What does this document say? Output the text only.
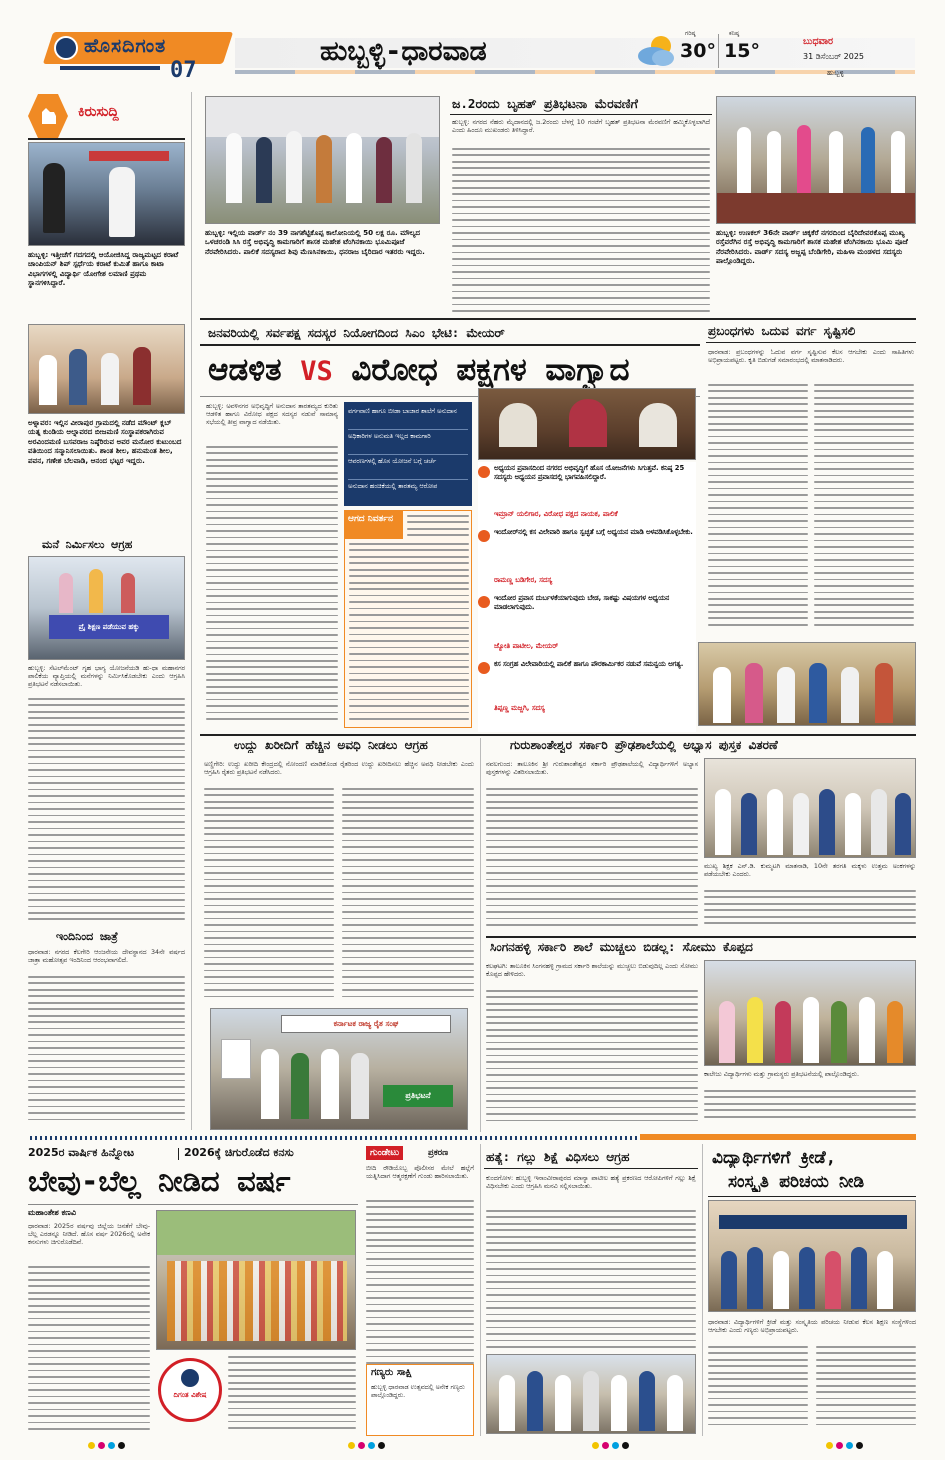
ಹೊಸದಿಗಂತ
07
ಹುಬ್ಬಳ್ಳಿ-ಧಾರವಾಡ
ಗರಿಷ್ಠ
30°
ಕನಿಷ್ಠ
15°	ಬುಧವಾರ
31 ಡಿಸೆಂಬರ್ 2025
ಹುಬ್ಬಳ್ಳಿ
ಕಿರುಸುದ್ದಿ
ಹುಬ್ಬಳ್ಳಿ: ಇತ್ತೀಚೆಗೆ ಗದಗದಲ್ಲಿ ಆಯೋಜಿಸಿದ್ದ ರಾಜ್ಯಮಟ್ಟದ ಕರಾಟೆ ಚಾಂಪಿಯನ್ ಶಿಪ್ ಸ್ಪರ್ಧೆಯ ಕರಾಟೆ ಕುಮಿತೆ ಹಾಗೂ ಕಾಟಾ ವಿಭಾಗಗಳಲ್ಲಿ ವಿದ್ಯಾರ್ಥಿ ಯೋಗೇಶ ಲಮಾಣಿ ಪ್ರಥಮ ಸ್ಥಾನಗಳಿಸಿದ್ದಾರೆ.
ಅಳ್ನಾವರ: ಇಲ್ಲಿನ ವೀರಾಪುರ ಗ್ರಾಮದಲ್ಲಿ ನಡೆದ ಮೌಂಟ್ ಕ್ಲಬ್ ಯತ್ನ ಕುಂಡಿಯ ಆಲ್ನಾವರದ ಬೀಜಮಣಿ ಸಂಸ್ಥಾಪಕರಾಗಿರುವ ಅರವಿಂದಮಣಿ ಬಸವರಾಜ ನಿಷ್ಠೆರಿರುವ ಅವರ ಮನೋರ ಕುಟುಂಬದ ವತಿಯಿಂದ ಸನ್ಮಾನಿಸಲಾಯಿತು. ಶಾಂತ ಶೀಲ, ಹನುಮಂತ ಶೀಲ, ಪವನ, ಗಣೇಶ ಬೆಲವಾಡಿ, ಆನಂದ ಭಟ್ಟರ ಇದ್ದರು.
ಮನೆ ನಿರ್ಮಿಸಲು ಆಗ್ರಹ
ಪ್ರೈ ಶಿಕ್ಷಣ ಪಡೆಯುವ ಹಕ್ಕು
ಹುಬ್ಬಳ್ಳಿ: ಸೆಟಲ್‌ಮೆಂಟ್ ಗೃಹ ಭಾಗ್ಯ ಯೋಜನೆಯಡಿ ಹು-ಧಾ ಮಹಾನಗರ ಪಾಲಿಕೆಯ ವ್ಯಾಪ್ತಿಯಲ್ಲಿ ಮನೆಗಳನ್ನು ನಿರ್ಮಿಸಿಕೊಡಬೇಕು ಎಂದು ಆಗ್ರಹಿಸಿ ಪ್ರತಿಭಟನೆ ನಡೆಸಲಾಯಿತು.
ಇಂದಿನಿಂದ ಜಾತ್ರೆ
ಧಾರವಾಡ: ನಗರದ ಕೆಲಗೇರಿ ಆಂಜನೇಯ ದೇವಸ್ಥಾನದ 34ನೇ ವರ್ಷದ ಜಾತ್ರಾ ಮಹೋತ್ಸವ ಇಂದಿನಿಂದ ಆರಂಭವಾಗಲಿದೆ.
ಹುಬ್ಬಳ್ಳಿ: ಇಲ್ಲಿಯ ವಾರ್ಡ್ ನಂ 39 ನಾಗಶೆಟ್ಟಿಕೊಪ್ಪ ಕಾಲೋನಿಯಲ್ಲಿ 50 ಲಕ್ಷ ರೂ. ಮೌಲ್ಯದ ಒಳಚರಂಡಿ ಸಿಸಿ ರಸ್ತೆ ಅಭಿವೃದ್ಧಿ ಕಾಮಗಾರಿಗೆ ಶಾಸಕ ಮಹೇಶ ಟೆಂಗಿನಕಾಯಿ ಭೂಮಿಪೂಜೆ ನೆರವೇರಿಸಿದರು. ಪಾಲಿಕೆ ಸದಸ್ಯರಾದ ಶಿವು ಮೆಣಸಿನಕಾಯಿ, ಧನರಾಜ ಬೈರಿದಾರ ಇತರರು ಇದ್ದರು.
ಜ.2ರಂದು ಬೃಹತ್ ಪ್ರತಿಭಟನಾ ಮೆರವಣಿಗೆ
ಹುಬ್ಬಳ್ಳಿ: ನಗರದ ನೆಹರು ಮೈದಾನದಲ್ಲಿ ಜ.2ರಂದು ಬೆಳಗ್ಗೆ 10 ಗಂಟೆಗೆ ಬೃಹತ್ ಪ್ರತಿಭಟನಾ ಮೆರವಣಿಗೆ ಹಮ್ಮಿಕೊಳ್ಳಲಾಗಿದೆ ಎಂದು ಹಿಂದೂ ಮುಖಂಡರು ತಿಳಿಸಿದ್ದಾರೆ.
ಹುಬ್ಬಳ್ಳಿ: ಉಣಕಲ್ 36ನೇ ವಾರ್ಡ್ ಚಿಕ್ಕಕೆರೆ ನಗರದಿಂದ ಬೈರಿದೇವರಕೊಪ್ಪ ಮುಖ್ಯ ರಸ್ತೆವರೆಗಿನ ರಸ್ತೆ ಅಭಿವೃದ್ಧಿ ಕಾಮಗಾರಿಗೆ ಶಾಸಕ ಮಹೇಶ ಟೆಂಗಿನಕಾಯಿ ಭೂಮಿ ಪೂಜೆ ನೆರವೇರಿಸಿದರು. ವಾರ್ಡ್ ಸದಸ್ಯ ಅಜ್ಜಪ್ಪ ಬೆಂಡಿಗೇರಿ, ಮಹಿಳಾ ಮಂಡಳದ ಸದಸ್ಯರು ಪಾಲ್ಗೊಂಡಿದ್ದರು.
ಜನವರಿಯಲ್ಲಿ ಸರ್ವಪಕ್ಷ ಸದಸ್ಯರ ನಿಯೋಗದಿಂದ ಸಿಎಂ ಭೇಟಿ: ಮೇಯರ್
ಆಡಳಿತ VS ವಿರೋಧ ಪಕ್ಷಗಳ ವಾಗ್ವಾದ
ಹುಬ್ಬಳ್ಳಿ: ಅವಳಿನಗರ ಅಭಿವೃದ್ಧಿಗೆ ಅನುದಾನ ತಾರತಮ್ಯದ ಕುರಿತು ಆಡಳಿತ ಹಾಗೂ ವಿರೋಧ ಪಕ್ಷದ ಸದಸ್ಯರ ನಡುವೆ ಸಾಮಾನ್ಯ ಸಭೆಯಲ್ಲಿ ತೀವ್ರ ವಾಗ್ವಾದ ನಡೆಯಿತು.
ವರ್ಗವಾಣಿ ಹಾಗೂ ಬೀಡಾ ಬಾಜಾರ ಶಾಲೆಗೆ ಅನುದಾನ
ಅಧಿಕಾರಿಗಳ ಅನುಮತಿ ಇಲ್ಲದ ಕಾಮಗಾರಿ
ಆವರಣಗಳಲ್ಲಿ ಹೊಸ ಯೋಜನೆ ಬಗ್ಗೆ ಚರ್ಚೆ
ಅನುದಾನ ಹಂಚಿಕೆಯಲ್ಲಿ ತಾರತಮ್ಯ ಆರೋಪ
ಆಗದ ನಿವರ್ತನ
ಅಧ್ಯಯನ ಪ್ರವಾಸದಿಂದ ನಗರದ ಅಭಿವೃದ್ಧಿಗೆ ಹೊಸ ಯೋಜನೆಗಳು ಸಿಗುತ್ತವೆ. ಕನಿಷ್ಠ 25 ಸದಸ್ಯರು ಅಧ್ಯಯನ ಪ್ರವಾಸದಲ್ಲಿ ಭಾಗವಹಿಸಲಿದ್ದಾರೆ.
ಇಮ್ರಾನ್ ಯಲಿಗಾರ, ವಿರೋಧ ಪಕ್ಷದ ನಾಯಕ, ಪಾಲಿಕೆ
ಇಂದೋರ್‌ನಲ್ಲಿ ಕಸ ವಿಲೇವಾರಿ ಹಾಗೂ ಸ್ವಚ್ಛತೆ ಬಗ್ಗೆ ಅಧ್ಯಯನ ಮಾಡಿ ಅಳವಡಿಸಿಕೊಳ್ಳಬೇಕು.
ರಾಮಣ್ಣ ಬಡಿಗೇರ, ಸದಸ್ಯ
ಇಂದೋರ ಪ್ರವಾಸ ದುರ್ಬಳಕೆಯಾಗುವುದು ಬೇಡ, ಸಾಕಷ್ಟು ವಿಷಯಗಳ ಅಧ್ಯಯನ ಮಾಡಲಾಗುವುದು.
ಜ್ಯೋತಿ ಪಾಟೀಲ, ಮೇಯರ್
ಕಸ ಸಂಗ್ರಹ ವಿಲೇವಾರಿಯಲ್ಲಿ ಪಾಲಿಕೆ ಹಾಗೂ ಪೌರಕಾರ್ಮಿಕರ ನಡುವೆ ಸಮನ್ವಯ ಅಗತ್ಯ.
ತಿಪ್ಪಣ್ಣ ಮಜ್ಜಗಿ, ಸದಸ್ಯ
ಪ್ರಬಂಧಗಳು ಒದುವ ವರ್ಗ ಸೃಷ್ಟಿಸಲಿ
ಧಾರವಾಡ: ಪ್ರಬಂಧಗಳನ್ನು ಓದುವ ವರ್ಗ ಸೃಷ್ಟಿಸುವ ಕೆಲಸ ಆಗಬೇಕು ಎಂದು ಸಾಹಿತಿಗಳು ಅಭಿಪ್ರಾಯಪಟ್ಟರು. ಕೃತಿ ಬಿಡುಗಡೆ ಸಮಾರಂಭದಲ್ಲಿ ಮಾತನಾಡಿದರು.
ಉದ್ದು ಖರೀದಿಗೆ ಹೆಚ್ಚಿನ ಅವಧಿ ನೀಡಲು ಆಗ್ರಹ
ಅಣ್ಣಿಗೇರಿ: ಉದ್ದು ಖರೀದಿ ಕೇಂದ್ರದಲ್ಲಿ ನೋಂದಣಿ ಮಾಡಿಕೊಂಡ ರೈತರಿಂದ ಉದ್ದು ಖರೀದಿಸಲು ಹೆಚ್ಚಿನ ಅವಧಿ ನೀಡಬೇಕು ಎಂದು ಆಗ್ರಹಿಸಿ ರೈತರು ಪ್ರತಿಭಟನೆ ನಡೆಸಿದರು.
ಕರ್ನಾಟಕ ರಾಜ್ಯ ರೈತ ಸಂಘ
ಪ್ರತಿಭಟನೆ
ಗುರುಶಾಂತೇಶ್ವರ ಸರ್ಕಾರಿ ಪ್ರೌಢಶಾಲೆಯಲ್ಲಿ ಅಭ್ಯಾಸ ಪುಸ್ತಕ ವಿತರಣೆ
ನವಲಗುಂದ: ತಾಲೂಕಿನ ಶ್ರೀ ಗುರುಶಾಂತೇಶ್ವರ ಸರ್ಕಾರಿ ಪ್ರೌಢಶಾಲೆಯಲ್ಲಿ ವಿದ್ಯಾರ್ಥಿಗಳಿಗೆ ಅಭ್ಯಾಸ ಪುಸ್ತಕಗಳನ್ನು ವಿತರಿಸಲಾಯಿತು.
ಮುಖ್ಯ ಶಿಕ್ಷಕ ಎನ್.ಡಿ. ಕುಮ್ಮಟಗಿ ಮಾತನಾಡಿ, 10ನೇ ತರಗತಿ ಮಕ್ಕಳು ಉತ್ತಮ ಅಂಕಗಳನ್ನು ಪಡೆಯಬೇಕು ಎಂದರು.
ಸಿಂಗನಹಳ್ಳಿ ಸರ್ಕಾರಿ ಶಾಲೆ ಮುಚ್ಚಲು ಬಿಡಲ್ಲ: ಸೋಮು ಕೊಪ್ಪದ
ಕಲಘಟಗಿ: ತಾಲೂಕಿನ ಸಿಂಗನಹಳ್ಳಿ ಗ್ರಾಮದ ಸರ್ಕಾರಿ ಶಾಲೆಯನ್ನು ಮುಚ್ಚಲು ಬಿಡುವುದಿಲ್ಲ ಎಂದು ಸೋಮು ಕೊಪ್ಪದ ಹೇಳಿದರು.
ಕಾಲೇಜು ವಿದ್ಯಾರ್ಥಿಗಳು ಮತ್ತು ಗ್ರಾಮಸ್ಥರು ಪ್ರತಿಭಟನೆಯಲ್ಲಿ ಪಾಲ್ಗೊಂಡಿದ್ದರು.
2025ರ ವಾರ್ಷಿಕ ಹಿನ್ನೋಟ	2026ಕ್ಕೆ ಚಿಗುರೊಡೆದ ಕನಸು
ಬೇವು-ಬೆಲ್ಲ ನೀಡಿದ ವರ್ಷ
ಮಹಾಂತೇಶ ಕಣವಿ
ಧಾರವಾಡ: 2025ರ ವರ್ಷವು ಜಿಲ್ಲೆಯ ಜನತೆಗೆ ಬೇವು-ಬೆಲ್ಲ ಎರಡನ್ನೂ ನೀಡಿದೆ. ಹೊಸ ವರ್ಷ 2026ರಲ್ಲಿ ಅನೇಕ ಕನಸುಗಳು ಚಿಗುರೊಡೆದಿವೆ.
ದಿಗಂತ ವಿಶೇಷ
ಗುಂಡೇಟು	ಪ್ರಕರಣ
ಬೀದಿ ರೌಡಿಯೊಬ್ಬ ಪೊಲೀಸರ ಮೇಲೆ ಹಲ್ಲೆಗೆ ಯತ್ನಿಸಿದಾಗ ಆತ್ಮರಕ್ಷಣೆಗೆ ಗುಂಡು ಹಾರಿಸಲಾಯಿತು.
ಗಣ್ಯರು ಸಾಕ್ಷಿ
ಹುಬ್ಬಳ್ಳಿ ಧಾರವಾಡ ಉತ್ಸವದಲ್ಲಿ ಅನೇಕ ಗಣ್ಯರು ಪಾಲ್ಗೊಂಡಿದ್ದರು.
ಹತ್ಯೆ: ಗಲ್ಲು ಶಿಕ್ಷೆ ವಿಧಿಸಲು ಆಗ್ರಹ
ಕುಂದಗೋಳ: ಹುಬ್ಬಳ್ಳಿ ಇನಾಂವೀರಾಪುರದ ಮಾನ್ಯಾ ಪಾಟೀಲ ಹತ್ಯೆ ಪ್ರಕರಣದ ಆರೋಪಿಗಳಿಗೆ ಗಲ್ಲು ಶಿಕ್ಷೆ ವಿಧಿಸಬೇಕು ಎಂದು ಆಗ್ರಹಿಸಿ ಮನವಿ ಸಲ್ಲಿಸಲಾಯಿತು.
ವಿದ್ಯಾರ್ಥಿಗಳಿಗೆ ಕ್ರೀಡೆ,
ಸಂಸ್ಕೃತಿ ಪರಿಚಯ ನೀಡಿ
ಧಾರವಾಡ: ವಿದ್ಯಾರ್ಥಿಗಳಿಗೆ ಕ್ರೀಡೆ ಮತ್ತು ಸಂಸ್ಕೃತಿಯ ಪರಿಚಯ ನೀಡುವ ಕೆಲಸ ಶಿಕ್ಷಣ ಸಂಸ್ಥೆಗಳಿಂದ ಆಗಬೇಕು ಎಂದು ಗಣ್ಯರು ಅಭಿಪ್ರಾಯಪಟ್ಟರು.
